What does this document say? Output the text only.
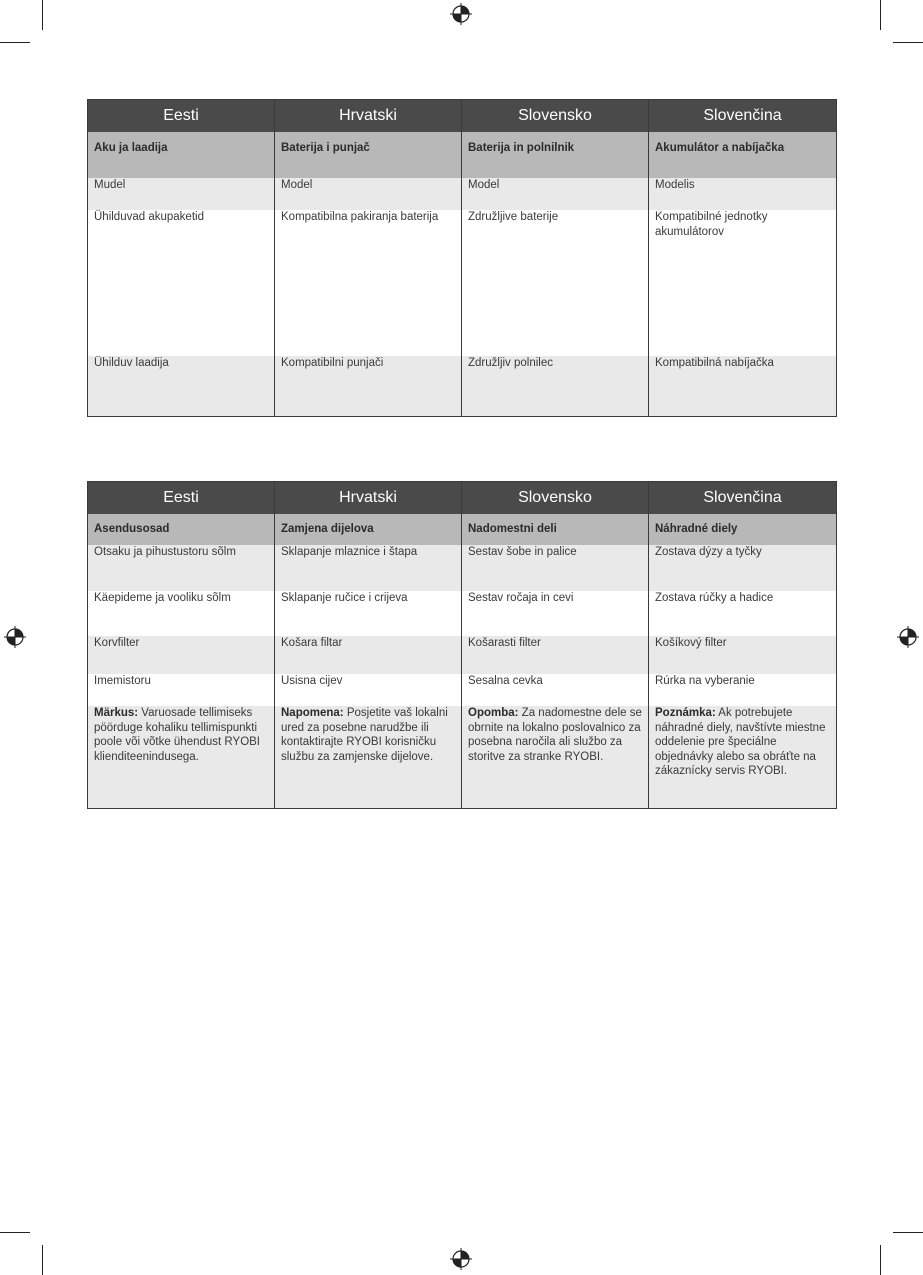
Eesti	Hrvatski	Slovensko	Slovenčina
Aku ja laadija	Baterija i punjač	Baterija in polnilnik	Akumulátor a nabíjačka
Mudel	Model	Model	Modelis
Ühilduvad akupaketid	Kompatibilna pakiranja baterija	Združljive baterije	Kompatibilné jednotky akumulátorov
Ühilduv laadija	Kompatibilni punjači	Združljiv polnilec	Kompatibilná nabíjačka
Eesti	Hrvatski	Slovensko	Slovenčina
Asendusosad	Zamjena dijelova	Nadomestni deli	Náhradné diely
Otsaku ja pihustustoru sõlm	Sklapanje mlaznice i štapa	Sestav šobe in palice	Zostava dýzy a tyčky
Käepideme ja vooliku sõlm	Sklapanje ručice i crijeva	Sestav ročaja in cevi	Zostava rúčky a hadice
Korvfilter	Košara filtar	Košarasti filter	Košíkový filter
Imemistoru	Usisna cijev	Sesalna cevka	Rúrka na vyberanie
Märkus: Varuosade tellimiseks pöörduge kohaliku tellimispunkti poole või võtke ühendust RYOBI klienditeenindusega.	Napomena: Posjetite vaš lokalni ured za posebne narudžbe ili kontaktirajte RYOBI korisničku službu za zamjenske dijelove.	Opomba: Za nadomestne dele se obrnite na lokalno poslovalnico za posebna naročila ali službo za storitve za stranke RYOBI.	Poznámka: Ak potrebujete náhradné diely, navštívte miestne oddelenie pre špeciálne objednávky alebo sa obráťte na zákaznícky servis RYOBI.
